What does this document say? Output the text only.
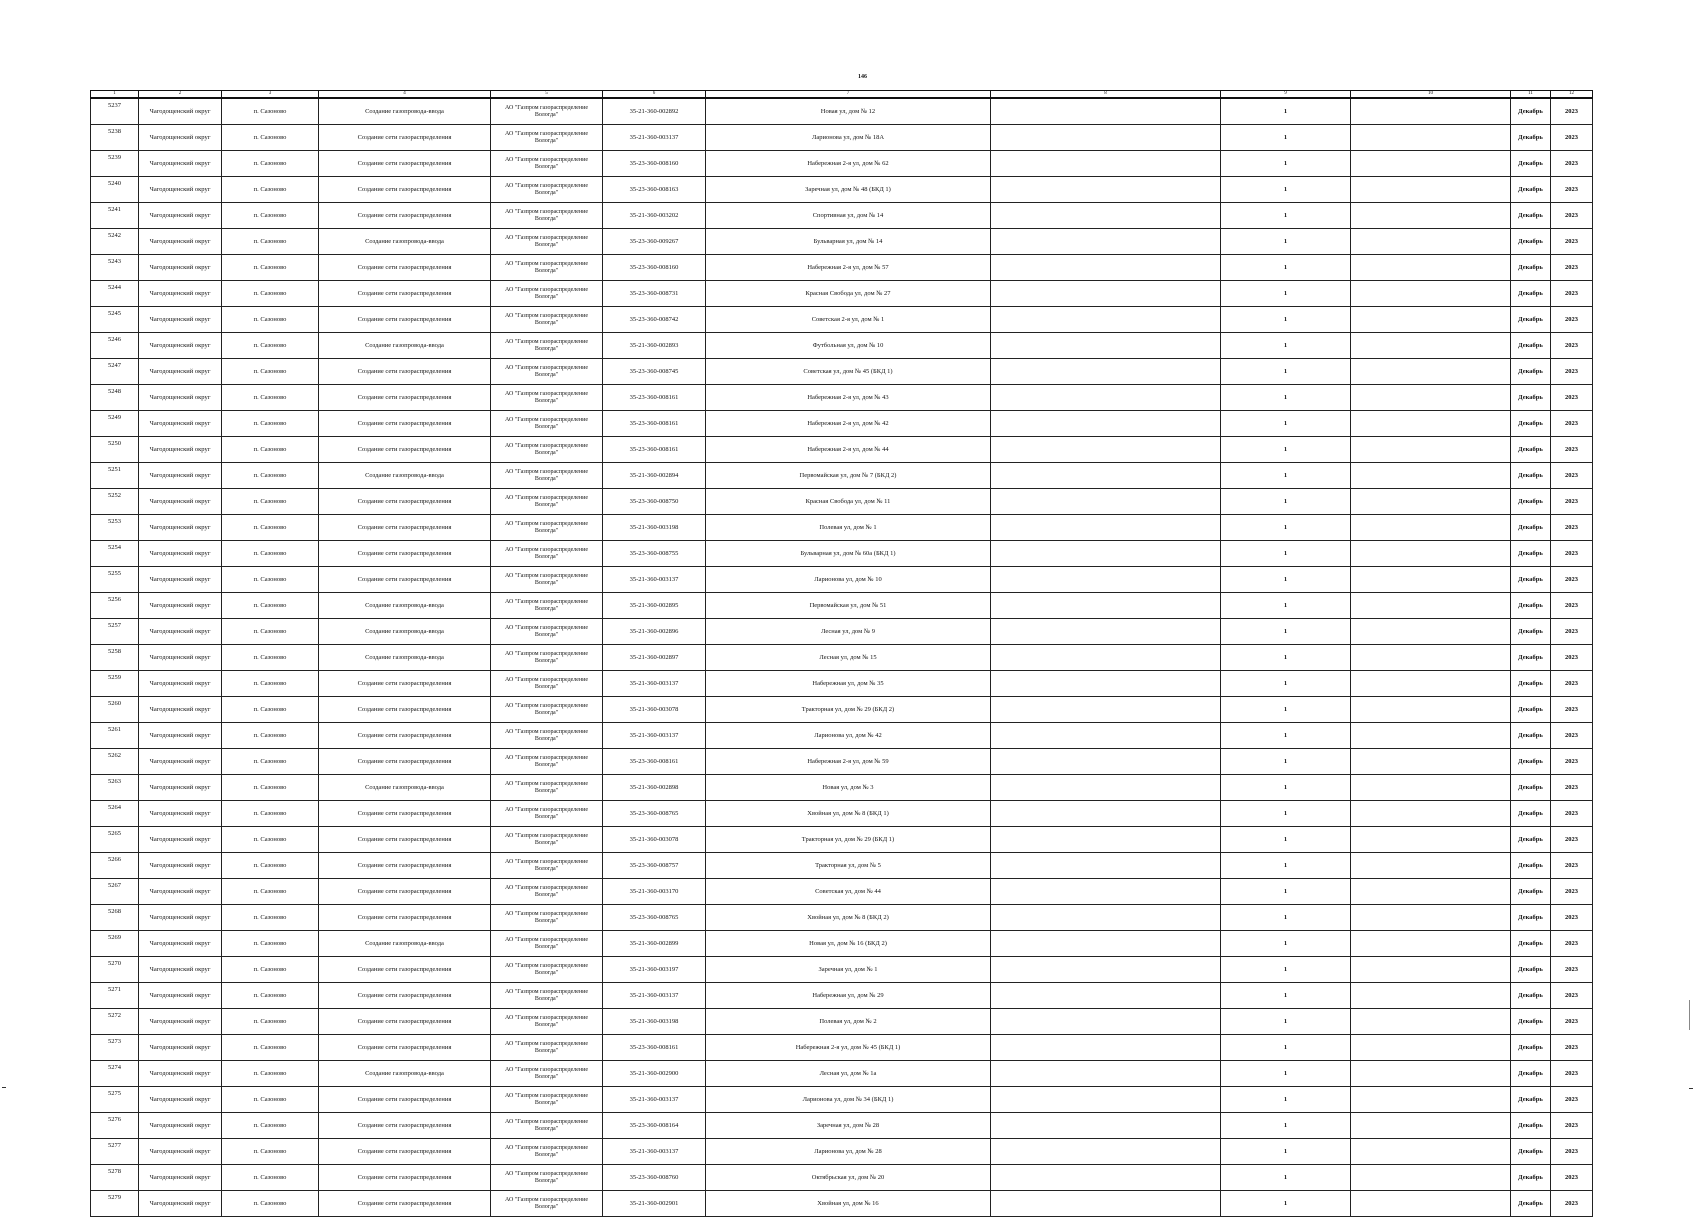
146
1	2	3	4	5	6	7	8	9	10	11	12
5237	Чагодощенский округ	п. Сазоново	Создание газопровода-ввода	АО "Газпром газораспределение Вологда"	35-21-360-002892	Новая ул, дом № 12		1		Декабрь	2023
5238	Чагодощенский округ	п. Сазоново	Создание сети газораспределения	АО "Газпром газораспределение Вологда"	35-21-360-003137	Ларионова ул, дом № 18А		1		Декабрь	2023
5239	Чагодощенский округ	п. Сазоново	Создание сети газораспределения	АО "Газпром газораспределение Вологда"	35-23-360-008160	Набережная 2-я ул, дом № 62		1		Декабрь	2023
5240	Чагодощенский округ	п. Сазоново	Создание сети газораспределения	АО "Газпром газораспределение Вологда"	35-23-360-008163	Заречная ул, дом № 48 (БКД 1)		1		Декабрь	2023
5241	Чагодощенский округ	п. Сазоново	Создание сети газораспределения	АО "Газпром газораспределение Вологда"	35-21-360-003202	Спортивная ул, дом № 14		1		Декабрь	2023
5242	Чагодощенский округ	п. Сазоново	Создание газопровода-ввода	АО "Газпром газораспределение Вологда"	35-23-360-009267	Бульварная ул, дом № 14		1		Декабрь	2023
5243	Чагодощенский округ	п. Сазоново	Создание сети газораспределения	АО "Газпром газораспределение Вологда"	35-23-360-008160	Набережная 2-я ул, дом № 57		1		Декабрь	2023
5244	Чагодощенский округ	п. Сазоново	Создание сети газораспределения	АО "Газпром газораспределение Вологда"	35-23-360-008731	Красная Свобода ул, дом № 27		1		Декабрь	2023
5245	Чагодощенский округ	п. Сазоново	Создание сети газораспределения	АО "Газпром газораспределение Вологда"	35-23-360-008742	Советская 2-я ул, дом № 1		1		Декабрь	2023
5246	Чагодощенский округ	п. Сазоново	Создание газопровода-ввода	АО "Газпром газораспределение Вологда"	35-21-360-002893	Футбольная ул, дом № 10		1		Декабрь	2023
5247	Чагодощенский округ	п. Сазоново	Создание сети газораспределения	АО "Газпром газораспределение Вологда"	35-23-360-008745	Советская ул, дом № 45 (БКД 1)		1		Декабрь	2023
5248	Чагодощенский округ	п. Сазоново	Создание сети газораспределения	АО "Газпром газораспределение Вологда"	35-23-360-008161	Набережная 2-я ул, дом № 43		1		Декабрь	2023
5249	Чагодощенский округ	п. Сазоново	Создание сети газораспределения	АО "Газпром газораспределение Вологда"	35-23-360-008161	Набережная 2-я ул, дом № 42		1		Декабрь	2023
5250	Чагодощенский округ	п. Сазоново	Создание сети газораспределения	АО "Газпром газораспределение Вологда"	35-23-360-008161	Набережная 2-я ул, дом № 44		1		Декабрь	2023
5251	Чагодощенский округ	п. Сазоново	Создание газопровода-ввода	АО "Газпром газораспределение Вологда"	35-21-360-002894	Первомайская ул, дом № 7 (БКД 2)		1		Декабрь	2023
5252	Чагодощенский округ	п. Сазоново	Создание сети газораспределения	АО "Газпром газораспределение Вологда"	35-23-360-008750	Красная Свобода ул, дом № 11		1		Декабрь	2023
5253	Чагодощенский округ	п. Сазоново	Создание сети газораспределения	АО "Газпром газораспределение Вологда"	35-21-360-003198	Полевая ул, дом № 1		1		Декабрь	2023
5254	Чагодощенский округ	п. Сазоново	Создание сети газораспределения	АО "Газпром газораспределение Вологда"	35-23-360-008755	Бульварная ул, дом № 60а (БКД 1)		1		Декабрь	2023
5255	Чагодощенский округ	п. Сазоново	Создание сети газораспределения	АО "Газпром газораспределение Вологда"	35-21-360-003137	Ларионова ул, дом № 10		1		Декабрь	2023
5256	Чагодощенский округ	п. Сазоново	Создание газопровода-ввода	АО "Газпром газораспределение Вологда"	35-21-360-002895	Первомайская ул, дом № 51		1		Декабрь	2023
5257	Чагодощенский округ	п. Сазоново	Создание газопровода-ввода	АО "Газпром газораспределение Вологда"	35-21-360-002896	Лесная ул, дом № 9		1		Декабрь	2023
5258	Чагодощенский округ	п. Сазоново	Создание газопровода-ввода	АО "Газпром газораспределение Вологда"	35-21-360-002897	Лесная ул, дом № 15		1		Декабрь	2023
5259	Чагодощенский округ	п. Сазоново	Создание сети газораспределения	АО "Газпром газораспределение Вологда"	35-21-360-003137	Набережная ул, дом № 35		1		Декабрь	2023
5260	Чагодощенский округ	п. Сазоново	Создание сети газораспределения	АО "Газпром газораспределение Вологда"	35-21-360-003078	Тракторная ул, дом № 29 (БКД 2)		1		Декабрь	2023
5261	Чагодощенский округ	п. Сазоново	Создание сети газораспределения	АО "Газпром газораспределение Вологда"	35-21-360-003137	Ларионова ул, дом № 42		1		Декабрь	2023
5262	Чагодощенский округ	п. Сазоново	Создание сети газораспределения	АО "Газпром газораспределение Вологда"	35-23-360-008161	Набережная 2-я ул, дом № 59		1		Декабрь	2023
5263	Чагодощенский округ	п. Сазоново	Создание газопровода-ввода	АО "Газпром газораспределение Вологда"	35-21-360-002898	Новая ул, дом № 3		1		Декабрь	2023
5264	Чагодощенский округ	п. Сазоново	Создание сети газораспределения	АО "Газпром газораспределение Вологда"	35-23-360-008765	Хвойная ул, дом № 8 (БКД 1)		1		Декабрь	2023
5265	Чагодощенский округ	п. Сазоново	Создание сети газораспределения	АО "Газпром газораспределение Вологда"	35-21-360-003078	Тракторная ул, дом № 29 (БКД 1)		1		Декабрь	2023
5266	Чагодощенский округ	п. Сазоново	Создание сети газораспределения	АО "Газпром газораспределение Вологда"	35-23-360-008757	Тракторная ул, дом № 5		1		Декабрь	2023
5267	Чагодощенский округ	п. Сазоново	Создание сети газораспределения	АО "Газпром газораспределение Вологда"	35-21-360-003170	Советская ул, дом № 44		1		Декабрь	2023
5268	Чагодощенский округ	п. Сазоново	Создание сети газораспределения	АО "Газпром газораспределение Вологда"	35-23-360-008765	Хвойная ул, дом № 8 (БКД 2)		1		Декабрь	2023
5269	Чагодощенский округ	п. Сазоново	Создание газопровода-ввода	АО "Газпром газораспределение Вологда"	35-21-360-002899	Новая ул, дом № 16 (БКД 2)		1		Декабрь	2023
5270	Чагодощенский округ	п. Сазоново	Создание сети газораспределения	АО "Газпром газораспределение Вологда"	35-21-360-003197	Заречная ул, дом № 1		1		Декабрь	2023
5271	Чагодощенский округ	п. Сазоново	Создание сети газораспределения	АО "Газпром газораспределение Вологда"	35-21-360-003137	Набережная ул, дом № 29		1		Декабрь	2023
5272	Чагодощенский округ	п. Сазоново	Создание сети газораспределения	АО "Газпром газораспределение Вологда"	35-21-360-003198	Полевая ул, дом № 2		1		Декабрь	2023
5273	Чагодощенский округ	п. Сазоново	Создание сети газораспределения	АО "Газпром газораспределение Вологда"	35-23-360-008161	Набережная 2-я ул, дом № 45 (БКД 1)		1		Декабрь	2023
5274	Чагодощенский округ	п. Сазоново	Создание газопровода-ввода	АО "Газпром газораспределение Вологда"	35-21-360-002900	Лесная ул, дом № 1а		1		Декабрь	2023
5275	Чагодощенский округ	п. Сазоново	Создание сети газораспределения	АО "Газпром газораспределение Вологда"	35-21-360-003137	Ларионова ул, дом № 34 (БКД 1)		1		Декабрь	2023
5276	Чагодощенский округ	п. Сазоново	Создание сети газораспределения	АО "Газпром газораспределение Вологда"	35-23-360-008164	Заречная ул, дом № 28		1		Декабрь	2023
5277	Чагодощенский округ	п. Сазоново	Создание сети газораспределения	АО "Газпром газораспределение Вологда"	35-21-360-003137	Ларионова ул, дом № 28		1		Декабрь	2023
5278	Чагодощенский округ	п. Сазоново	Создание сети газораспределения	АО "Газпром газораспределение Вологда"	35-23-360-008760	Октябрьская ул, дом № 20		1		Декабрь	2023
5279	Чагодощенский округ	п. Сазоново	Создание сети газораспределения	АО "Газпром газораспределение Вологда"	35-21-360-002901	Хвойная ул, дом № 16		1		Декабрь	2023
